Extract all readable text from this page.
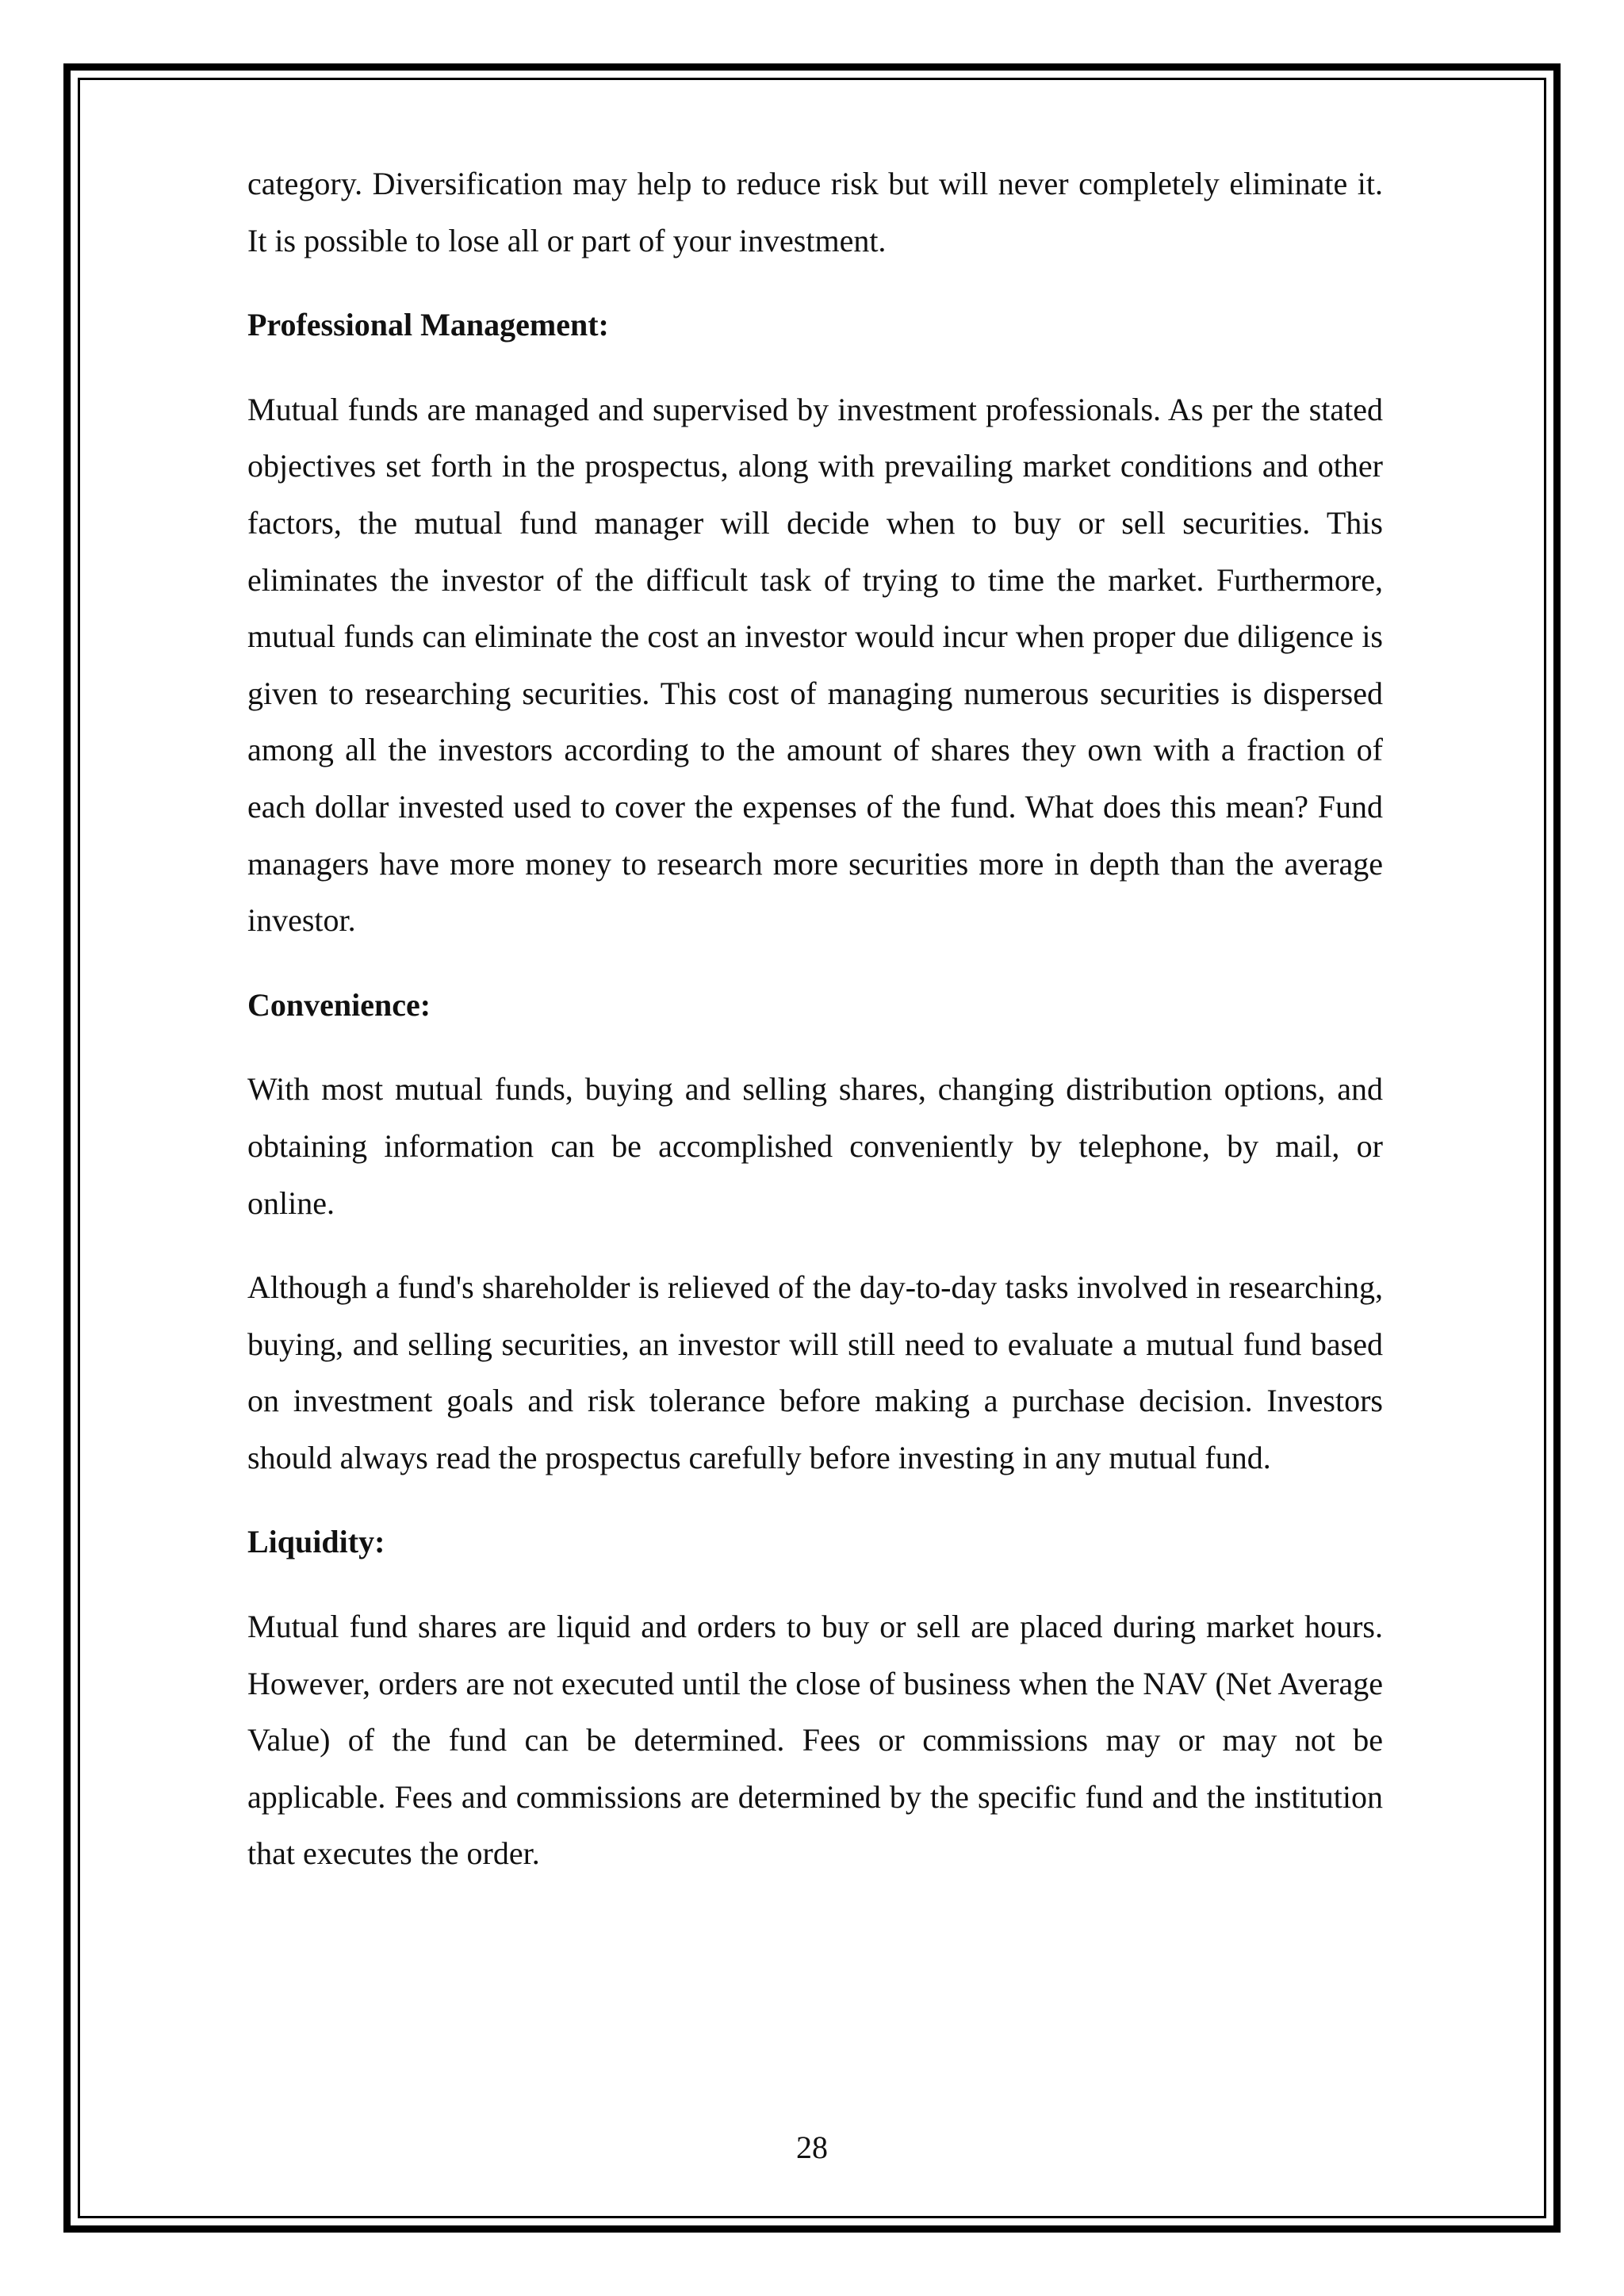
category. Diversification may help to reduce risk but will never completely eliminate it. It is possible to lose all or part of your investment.

Professional Management:

Mutual funds are managed and supervised by investment professionals. As per the stated objectives set forth in the prospectus, along with prevailing market conditions and other factors, the mutual fund manager will decide when to buy or sell securities. This eliminates the investor of the difficult task of trying to time the market. Furthermore, mutual funds can eliminate the cost an investor would incur when proper due diligence is given to researching securities. This cost of managing numerous securities is dispersed among all the investors according to the amount of shares they own with a fraction of each dollar invested used to cover the expenses of the fund. What does this mean? Fund managers have more money to research more securities more in depth than the average investor.

Convenience:

With most mutual funds, buying and selling shares, changing distribution options, and obtaining information can be accomplished conveniently by telephone, by mail, or online.

Although a fund's shareholder is relieved of the day-to-day tasks involved in researching, buying, and selling securities, an investor will still need to evaluate a mutual fund based on investment goals and risk tolerance before making a purchase decision. Investors should always read the prospectus carefully before investing in any mutual fund.

Liquidity:

Mutual fund shares are liquid and orders to buy or sell are placed during market hours. However, orders are not executed until the close of business when the NAV (Net Average Value) of the fund can be determined. Fees or commissions may or may not be applicable. Fees and commissions are determined by the specific fund and the institution that executes the order.

28
